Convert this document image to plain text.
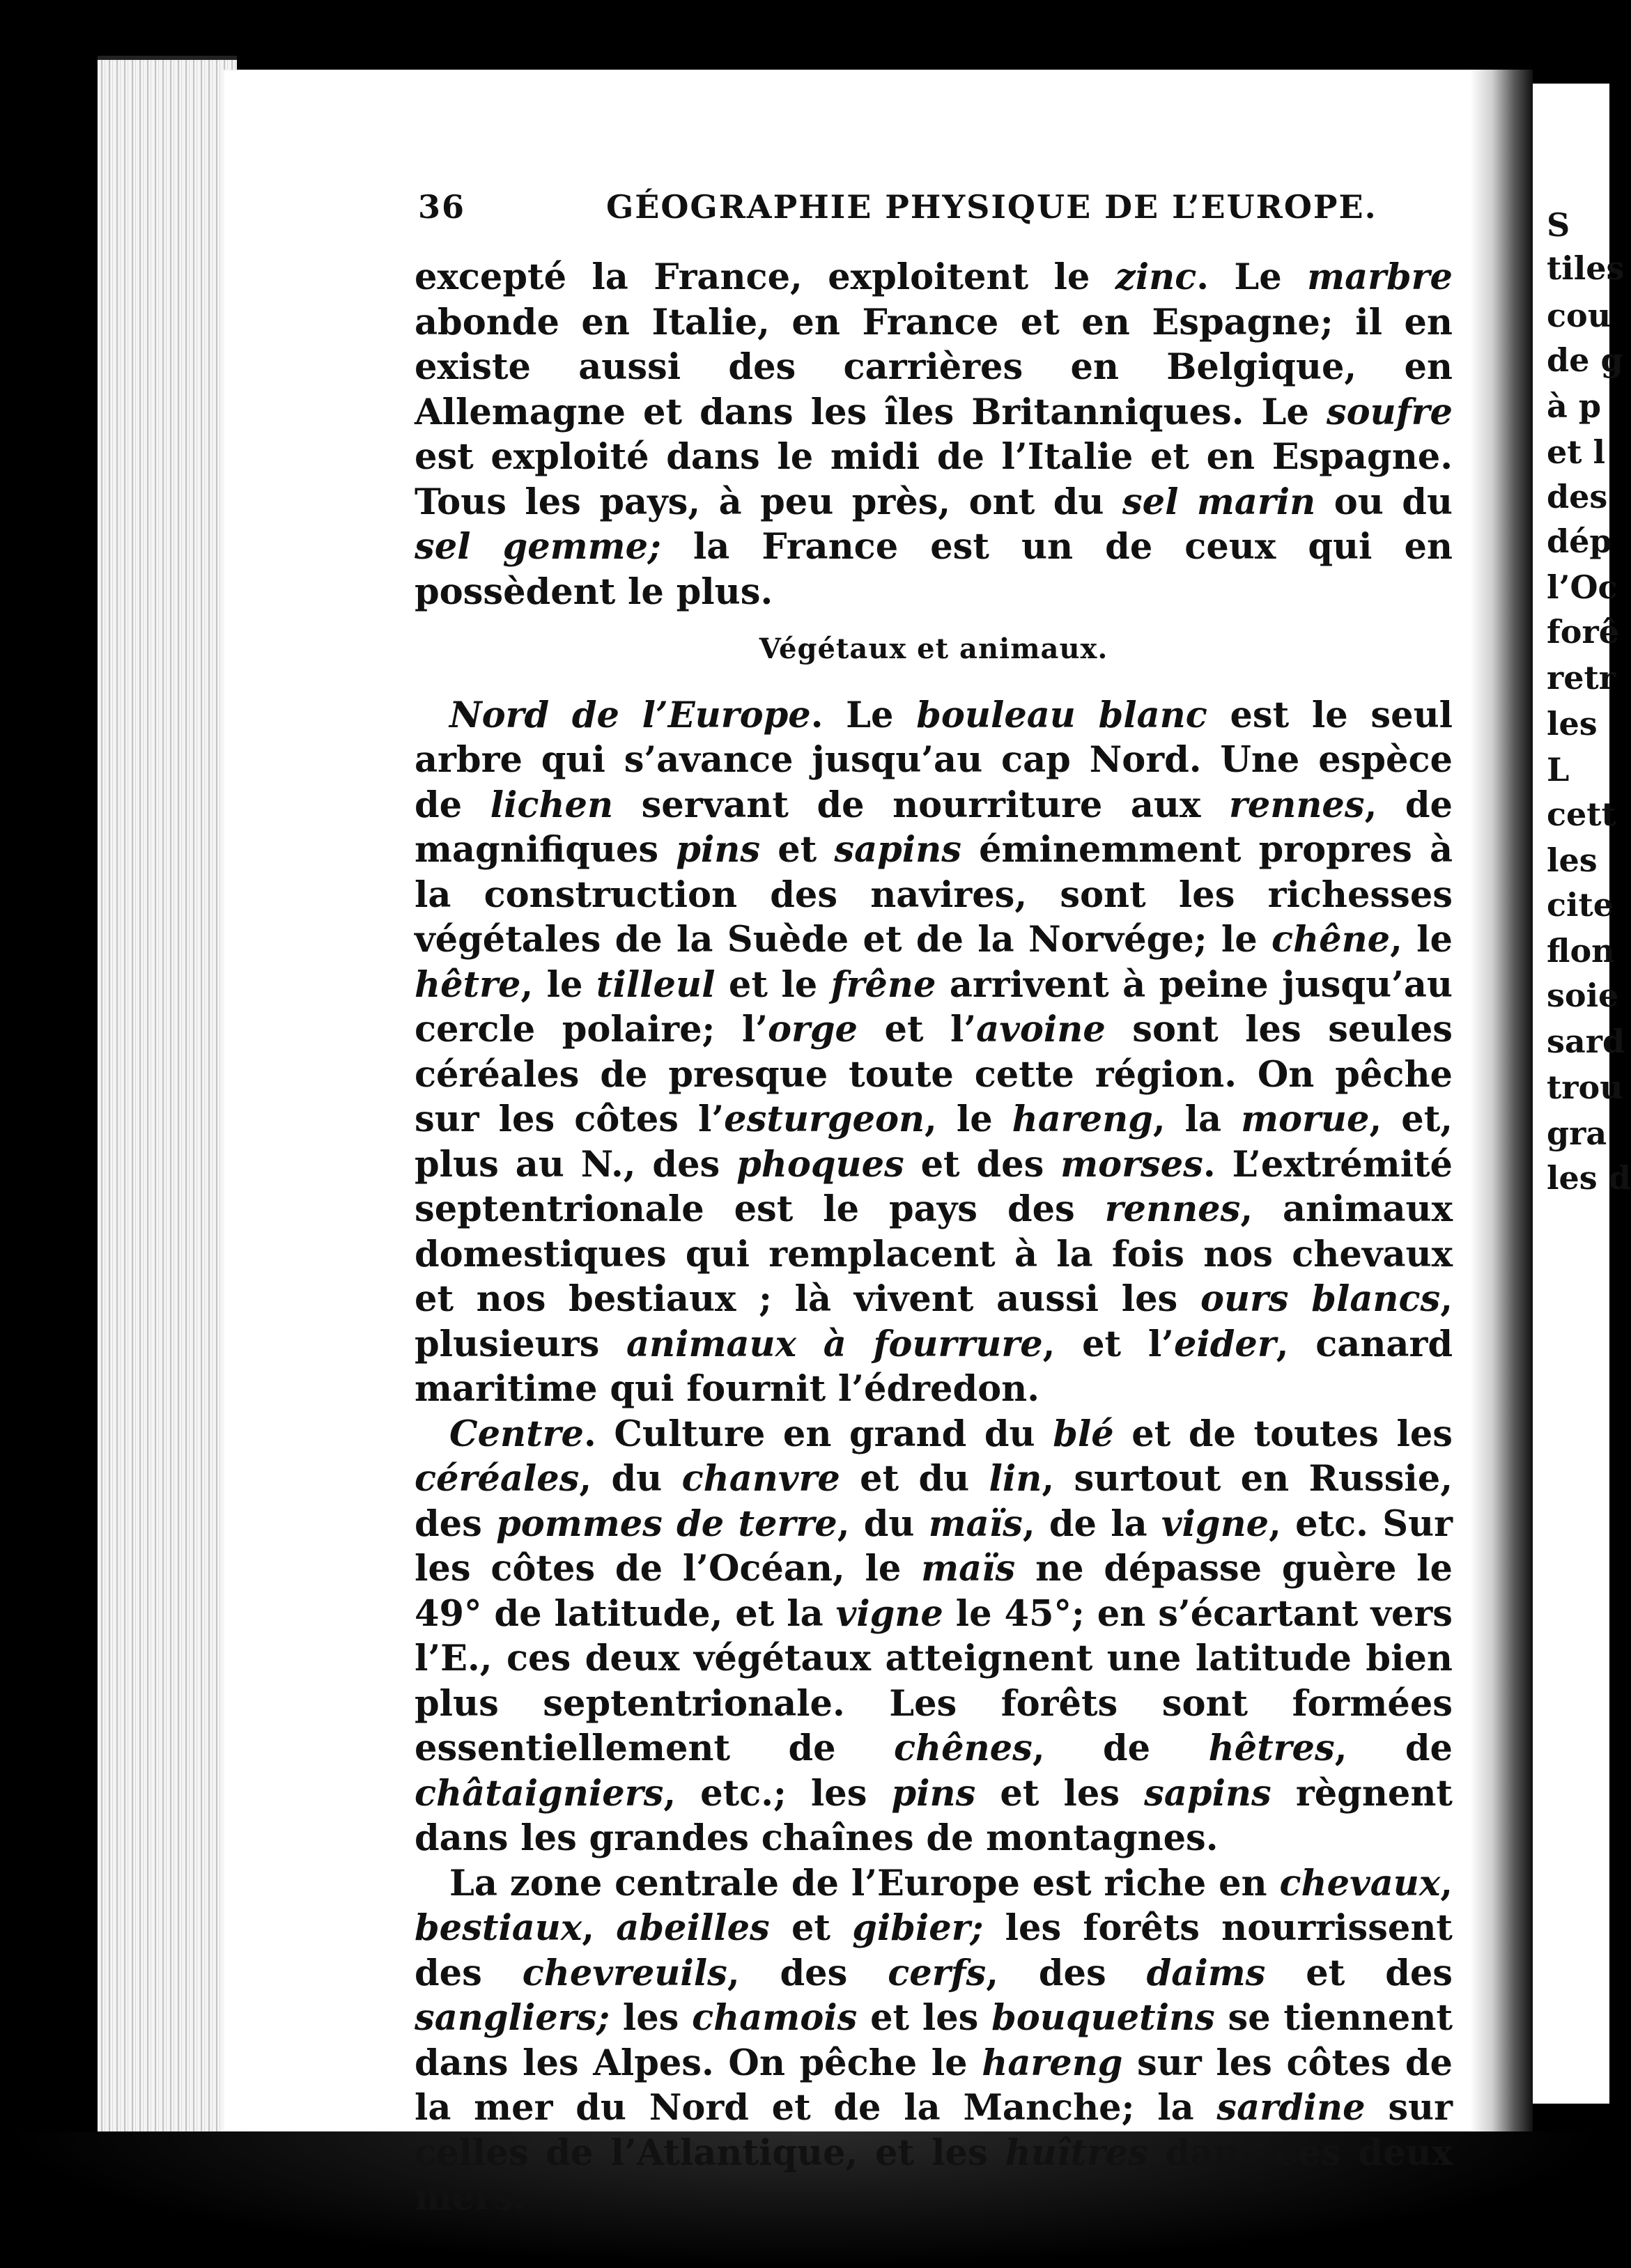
S
tiles
cou
de g
à p
et l
des
dép
l’Oc
forê
retr
les
L
cett
les
cite
flon
soie
sard
trou
gra
les d
36	GÉOGRAPHIE PHYSIQUE DE L’EUROPE.

excepté la France, exploitent le zinc. Le marbre abonde en Italie, en France et en Espagne; il en existe aussi des carrières en Belgique, en Allemagne et dans les îles Britanniques. Le soufre est exploité dans le midi de l’Italie et en Espagne. Tous les pays, à peu près, ont du sel marin ou du sel gemme; la France est un de ceux qui en possèdent le plus.

Végétaux et animaux.

Nord de l’Europe. Le bouleau blanc est le seul arbre qui s’avance jusqu’au cap Nord. Une espèce de lichen servant de nourriture aux rennes, de magnifiques pins et sapins éminemment propres à la construction des navires, sont les richesses végétales de la Suède et de la Norvége; le chêne, le hêtre, le tilleul et le frêne arrivent à peine jusqu’au cercle polaire; l’orge et l’avoine sont les seules céréales de presque toute cette région. On pêche sur les côtes l’esturgeon, le hareng, la morue, et, plus au N., des phoques et des morses. L’extrémité septentrionale est le pays des rennes, animaux domestiques qui remplacent à la fois nos chevaux et nos bestiaux ; là vivent aussi les ours blancs, plusieurs animaux à fourrure, et l’eider, canard maritime qui fournit l’édredon.

Centre. Culture en grand du blé et de toutes les céréales, du chanvre et du lin, surtout en Russie, des pommes de terre, du maïs, de la vigne, etc. Sur les côtes de l’Océan, le maïs ne dépasse guère le 49° de latitude, et la vigne le 45°; en s’écartant vers l’E., ces deux végétaux atteignent une latitude bien plus septentrionale. Les forêts sont formées essentiellement de chênes, de hêtres, de châtaigniers, etc.; les pins et les sapins règnent dans les grandes chaînes de montagnes.

La zone centrale de l’Europe est riche en chevaux, bestiaux, abeilles et gibier; les forêts nourrissent des chevreuils, des cerfs, des daims et des sangliers; les chamois et les bouquetins se tiennent dans les Alpes. On pêche le hareng sur les côtes de la mer du Nord et de la Manche; la sardine sur celles de l’Atlantique, et les huîtres dans ces deux mers.
